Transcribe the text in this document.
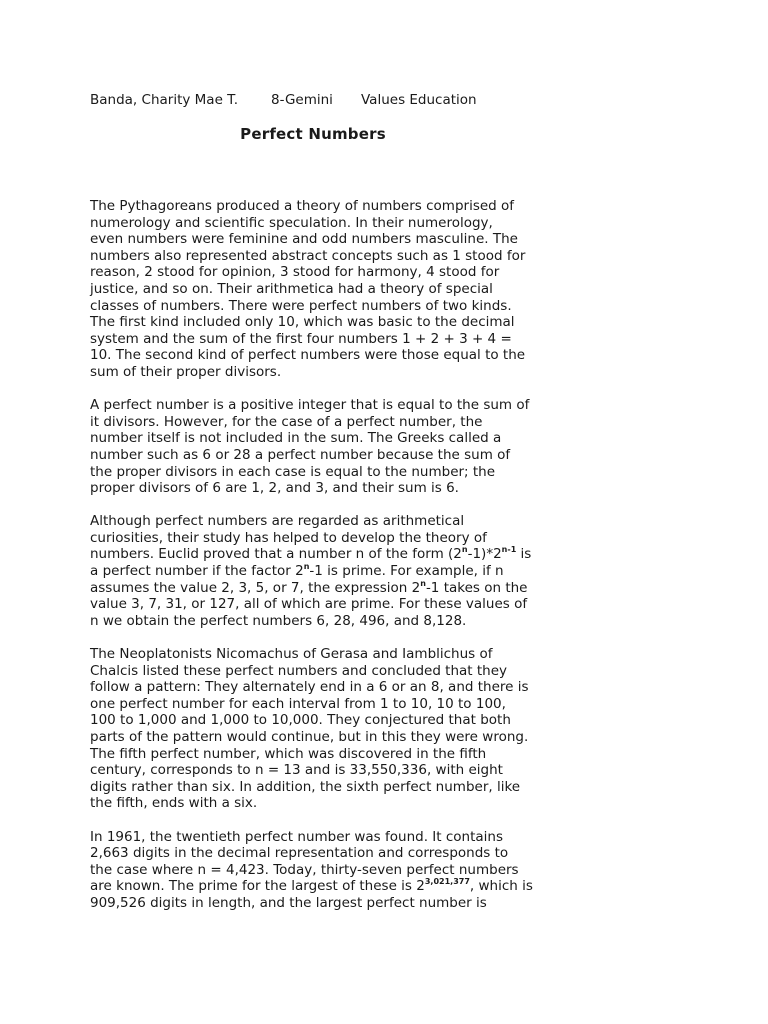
Banda, Charity Mae T. 8-Gemini Values Education
Perfect Numbers
The Pythagoreans produced a theory of numbers comprised of
numerology and scientific speculation. In their numerology,
even numbers were feminine and odd numbers masculine. The
numbers also represented abstract concepts such as 1 stood for
reason, 2 stood for opinion, 3 stood for harmony, 4 stood for
justice, and so on. Their arithmetica had a theory of special
classes of numbers. There were perfect numbers of two kinds.
The first kind included only 10, which was basic to the decimal
system and the sum of the first four numbers 1 + 2 + 3 + 4 =
10. The second kind of perfect numbers were those equal to the
sum of their proper divisors.
A perfect number is a positive integer that is equal to the sum of
it divisors. However, for the case of a perfect number, the
number itself is not included in the sum. The Greeks called a
number such as 6 or 28 a perfect number because the sum of
the proper divisors in each case is equal to the number; the
proper divisors of 6 are 1, 2, and 3, and their sum is 6.
Although perfect numbers are regarded as arithmetical
curiosities, their study has helped to develop the theory of
numbers. Euclid proved that a number n of the form (2$^n$-1)*2$^{n-1}$ is
a perfect number if the factor 2$^n$-1 is prime. For example, if n
assumes the value 2, 3, 5, or 7, the expression 2$^n$-1 takes on the
value 3, 7, 31, or 127, all of which are prime. For these values of
n we obtain the perfect numbers 6, 28, 496, and 8,128.
The Neoplatonists Nicomachus of Gerasa and Iamblichus of
Chalcis listed these perfect numbers and concluded that they
follow a pattern: They alternately end in a 6 or an 8, and there is
one perfect number for each interval from 1 to 10, 10 to 100,
100 to 1,000 and 1,000 to 10,000. They conjectured that both
parts of the pattern would continue, but in this they were wrong.
The fifth perfect number, which was discovered in the fifth
century, corresponds to n = 13 and is 33,550,336, with eight
digits rather than six. In addition, the sixth perfect number, like
the fifth, ends with a six.
In 1961, the twentieth perfect number was found. It contains
2,663 digits in the decimal representation and corresponds to
the case where n = 4,423. Today, thirty-seven perfect numbers
are known. The prime for the largest of these is 2$^{3,021,377}$, which is
909,526 digits in length, and the largest perfect number is
